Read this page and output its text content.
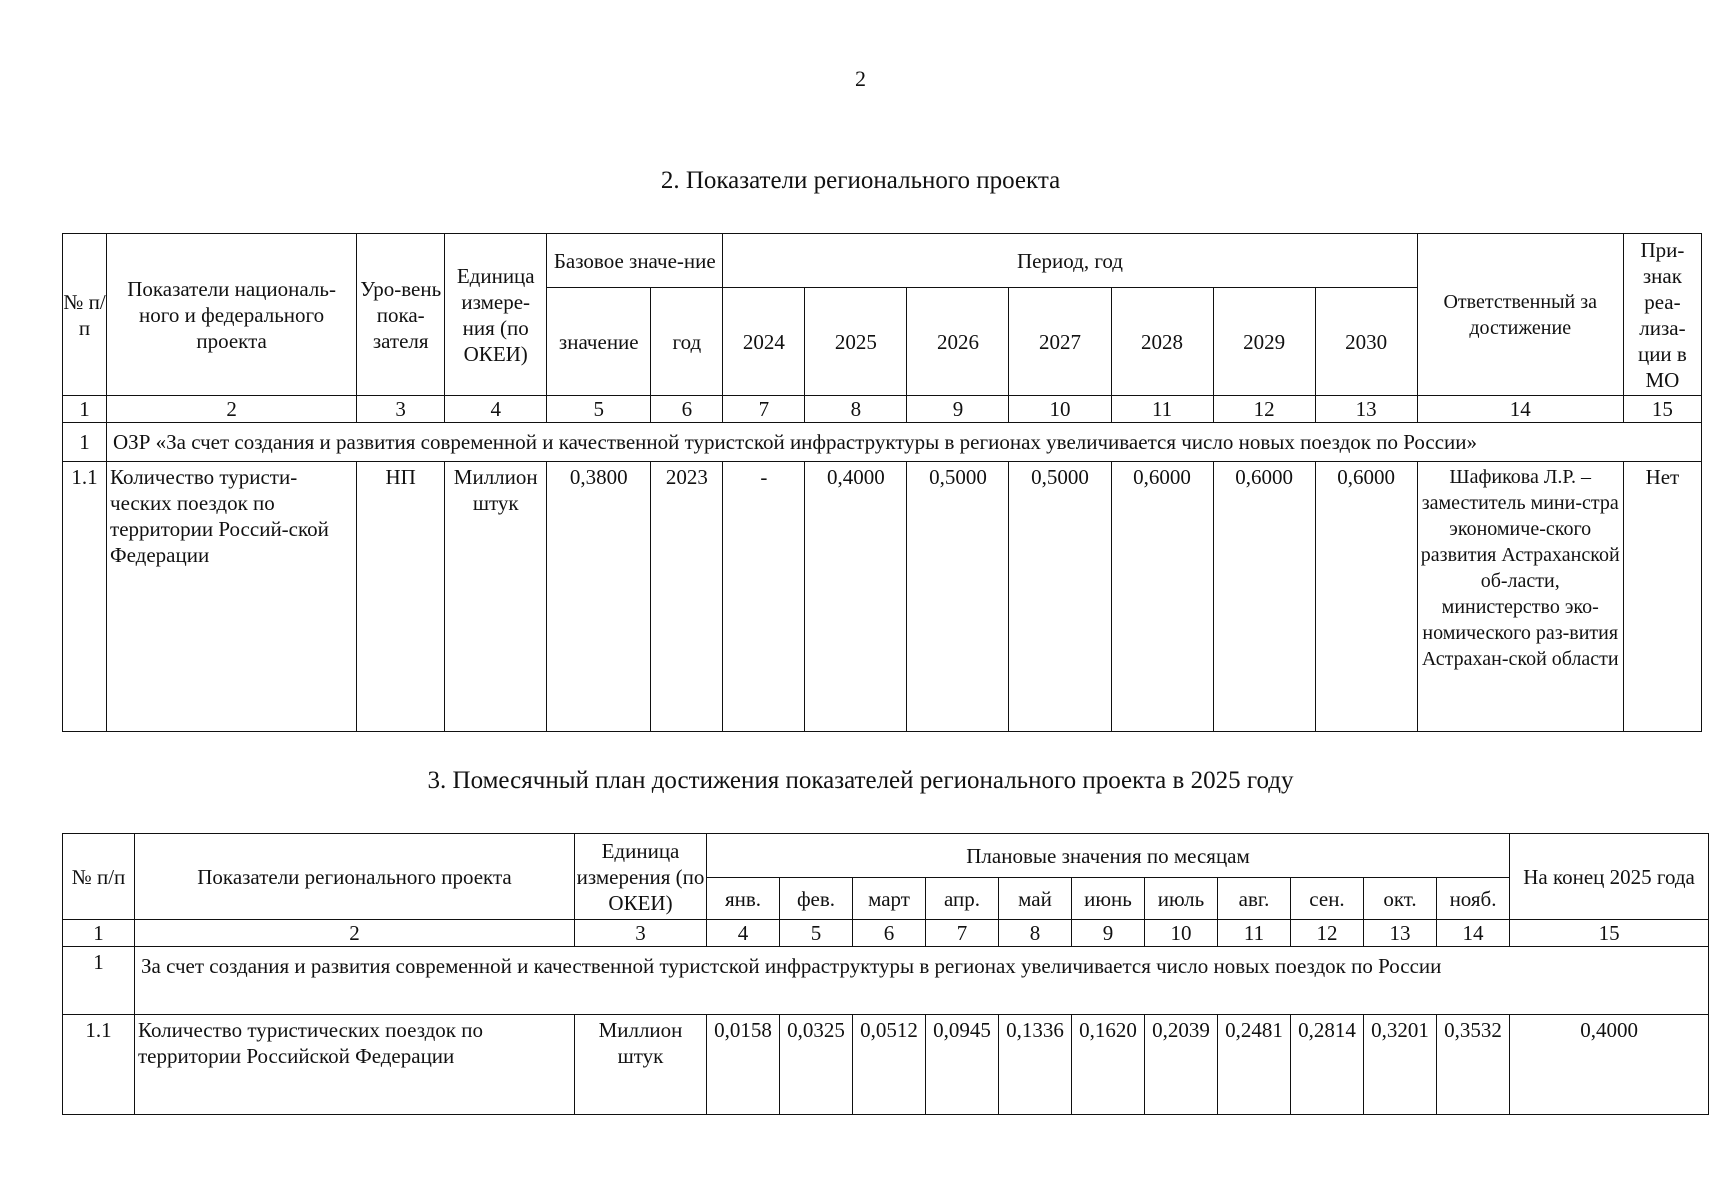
2
2. Показатели регионального проекта
№ п/п	Показатели националь-ного и федерального проекта	Уро-вень пока-зателя	Единица измере-ния (по ОКЕИ)	Базовое значе-ние		Период, год							Ответственный за достижение	При-знак реа-лиза-ции в МО
				значение	год	2024	2025	2026	2027	2028	2029	2030		
1	2	3	4	5	6	7	8	9	10	11	12	13	14	15
1	ОЗР «За счет создания и развития современной и качественной туристской инфраструктуры в регионах увеличивается число новых поездок по России»													
1.1	Количество туристи-ческих поездок по территории Россий-ской Федерации	НП	Миллион штук	0,3800	2023	-	0,4000	0,5000	0,5000	0,6000	0,6000	0,6000	Шафикова Л.Р. – заместитель мини-стра экономиче-ского развития Астраханской об-ласти, министерство эко-номического раз-вития Астрахан-ской области	Нет
3. Помесячный план достижения показателей регионального проекта в 2025 году
№ п/п	Показатели регионального проекта	Единица измерения (по ОКЕИ)	Плановые значения по месяцам											На конец 2025 года
			янв.	фев.	март	апр.	май	июнь	июль	авг.	сен.	окт.	нояб.	
1	2	3	4	5	6	7	8	9	10	11	12	13	14	15
1	За счет создания и развития современной и качественной туристской инфраструктуры в регионах увеличивается число новых поездок по России													
1.1	Количество туристических поездок по территории Российской Федерации	Миллион штук	0,0158	0,0325	0,0512	0,0945	0,1336	0,1620	0,2039	0,2481	0,2814	0,3201	0,3532	0,4000
